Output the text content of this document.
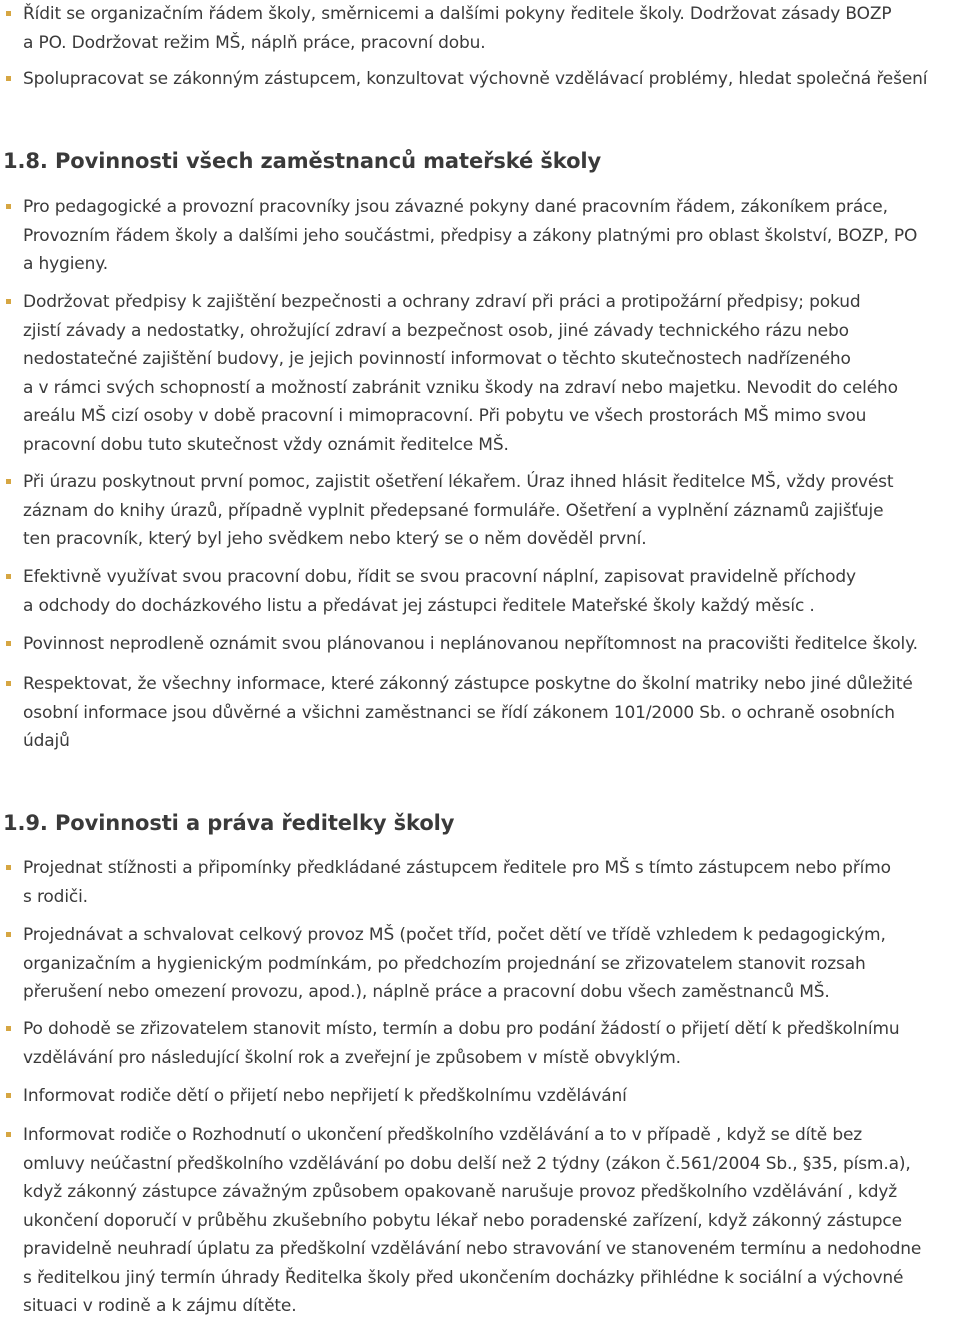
Řídit se organizačním řádem školy, směrnicemi a dalšími pokyny ředitele školy. Dodržovat zásady BOZP
a PO. Dodržovat režim MŠ, náplň práce, pracovní dobu.
Spolupracovat se zákonným zástupcem, konzultovat výchovně vzdělávací problémy, hledat společná řešení
1.8. Povinnosti všech zaměstnanců mateřské školy
Pro pedagogické a provozní pracovníky jsou závazné pokyny dané pracovním řádem, zákoníkem práce,
Provozním řádem školy a dalšími jeho součástmi, předpisy a zákony platnými pro oblast školství, BOZP, PO
a hygieny.
Dodržovat předpisy k zajištění bezpečnosti a ochrany zdraví při práci a protipožární předpisy; pokud
zjistí závady a nedostatky, ohrožující zdraví a bezpečnost osob, jiné závady technického rázu nebo
nedostatečné zajištění budovy, je jejich povinností informovat o těchto skutečnostech nadřízeného
a v rámci svých schopností a možností zabránit vzniku škody na zdraví nebo majetku. Nevodit do celého
areálu MŠ cizí osoby v době pracovní i mimopracovní. Při pobytu ve všech prostorách MŠ mimo svou
pracovní dobu tuto skutečnost vždy oznámit ředitelce MŠ.
Při úrazu poskytnout první pomoc, zajistit ošetření lékařem. Úraz ihned hlásit ředitelce MŠ, vždy provést
záznam do knihy úrazů, případně vyplnit předepsané formuláře. Ošetření a vyplnění záznamů zajišťuje
ten pracovník, který byl jeho svědkem nebo který se o něm dověděl první.
Efektivně využívat svou pracovní dobu, řídit se svou pracovní náplní, zapisovat pravidelně příchody
a odchody do docházkového listu a předávat jej zástupci ředitele Mateřské školy každý měsíc .
Povinnost neprodleně oznámit svou plánovanou i neplánovanou nepřítomnost na pracovišti ředitelce školy.
Respektovat, že všechny informace, které zákonný zástupce poskytne do školní matriky nebo jiné důležité
osobní informace jsou důvěrné a všichni zaměstnanci se řídí zákonem 101/2000 Sb. o ochraně osobních
údajů
1.9. Povinnosti a práva ředitelky školy
Projednat stížnosti a připomínky předkládané zástupcem ředitele pro MŠ s tímto zástupcem nebo přímo
s rodiči.
Projednávat a schvalovat celkový provoz MŠ (počet tříd, počet dětí ve třídě vzhledem k pedagogickým,
organizačním a hygienickým podmínkám, po předchozím projednání se zřizovatelem stanovit rozsah
přerušení nebo omezení provozu, apod.), náplně práce a pracovní dobu všech zaměstnanců MŠ.
Po dohodě se zřizovatelem stanovit místo, termín a dobu pro podání žádostí o přijetí dětí k předškolnímu
vzdělávání pro následující školní rok a zveřejní je způsobem v místě obvyklým.
Informovat rodiče dětí o přijetí nebo nepřijetí k předškolnímu vzdělávání
Informovat rodiče o Rozhodnutí o ukončení předškolního vzdělávání a to v případě , když se dítě bez
omluvy neúčastní předškolního vzdělávání po dobu delší než 2 týdny (zákon č.561/2004 Sb., §35, písm.a),
když zákonný zástupce závažným způsobem opakovaně narušuje provoz předškolního vzdělávání , když
ukončení doporučí v průběhu zkušebního pobytu lékař nebo poradenské zařízení, když zákonný zástupce
pravidelně neuhradí úplatu za předškolní vzdělávání nebo stravování ve stanoveném termínu a nedohodne
s ředitelkou jiný termín úhrady Ředitelka školy před ukončením docházky přihlédne k sociální a výchovné
situaci v rodině a k zájmu dítěte.
